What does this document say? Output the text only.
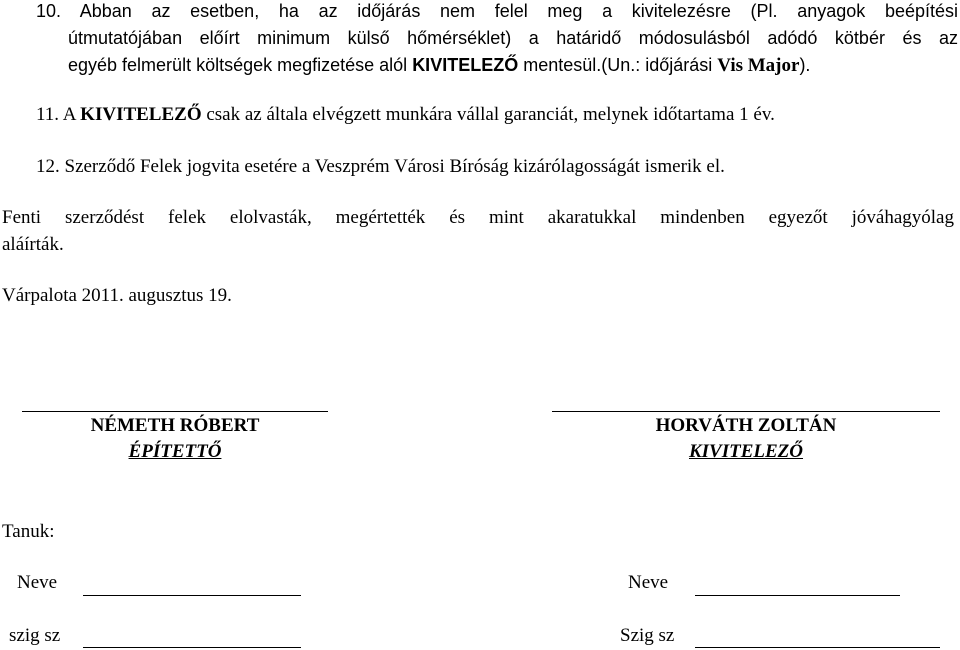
10. Abban az esetben, ha az időjárás nem felel meg a kivitelezésre (Pl. anyagok beépítési
útmutatójában előírt minimum külső hőmérséklet) a határidő módosulásból adódó kötbér és az
egyéb felmerült költségek megfizetése alól KIVITELEZŐ mentesül.(Un.: időjárási Vis Major).
11. A KIVITELEZŐ csak az általa elvégzett munkára vállal garanciát, melynek időtartama 1 év.
12. Szerződő Felek jogvita esetére a Veszprém Városi Bíróság kizárólagosságát ismerik el.
Fenti szerződést felek elolvasták, megértették és mint akaratukkal mindenben egyezőt jóváhagyólag
aláírták.
Várpalota 2011. augusztus 19.
NÉMETH RÓBERT
ÉPÍTETTŐ
HORVÁTH ZOLTÁN
KIVITELEZŐ
Tanuk:
Neve
szig sz
Neve
Szig sz
